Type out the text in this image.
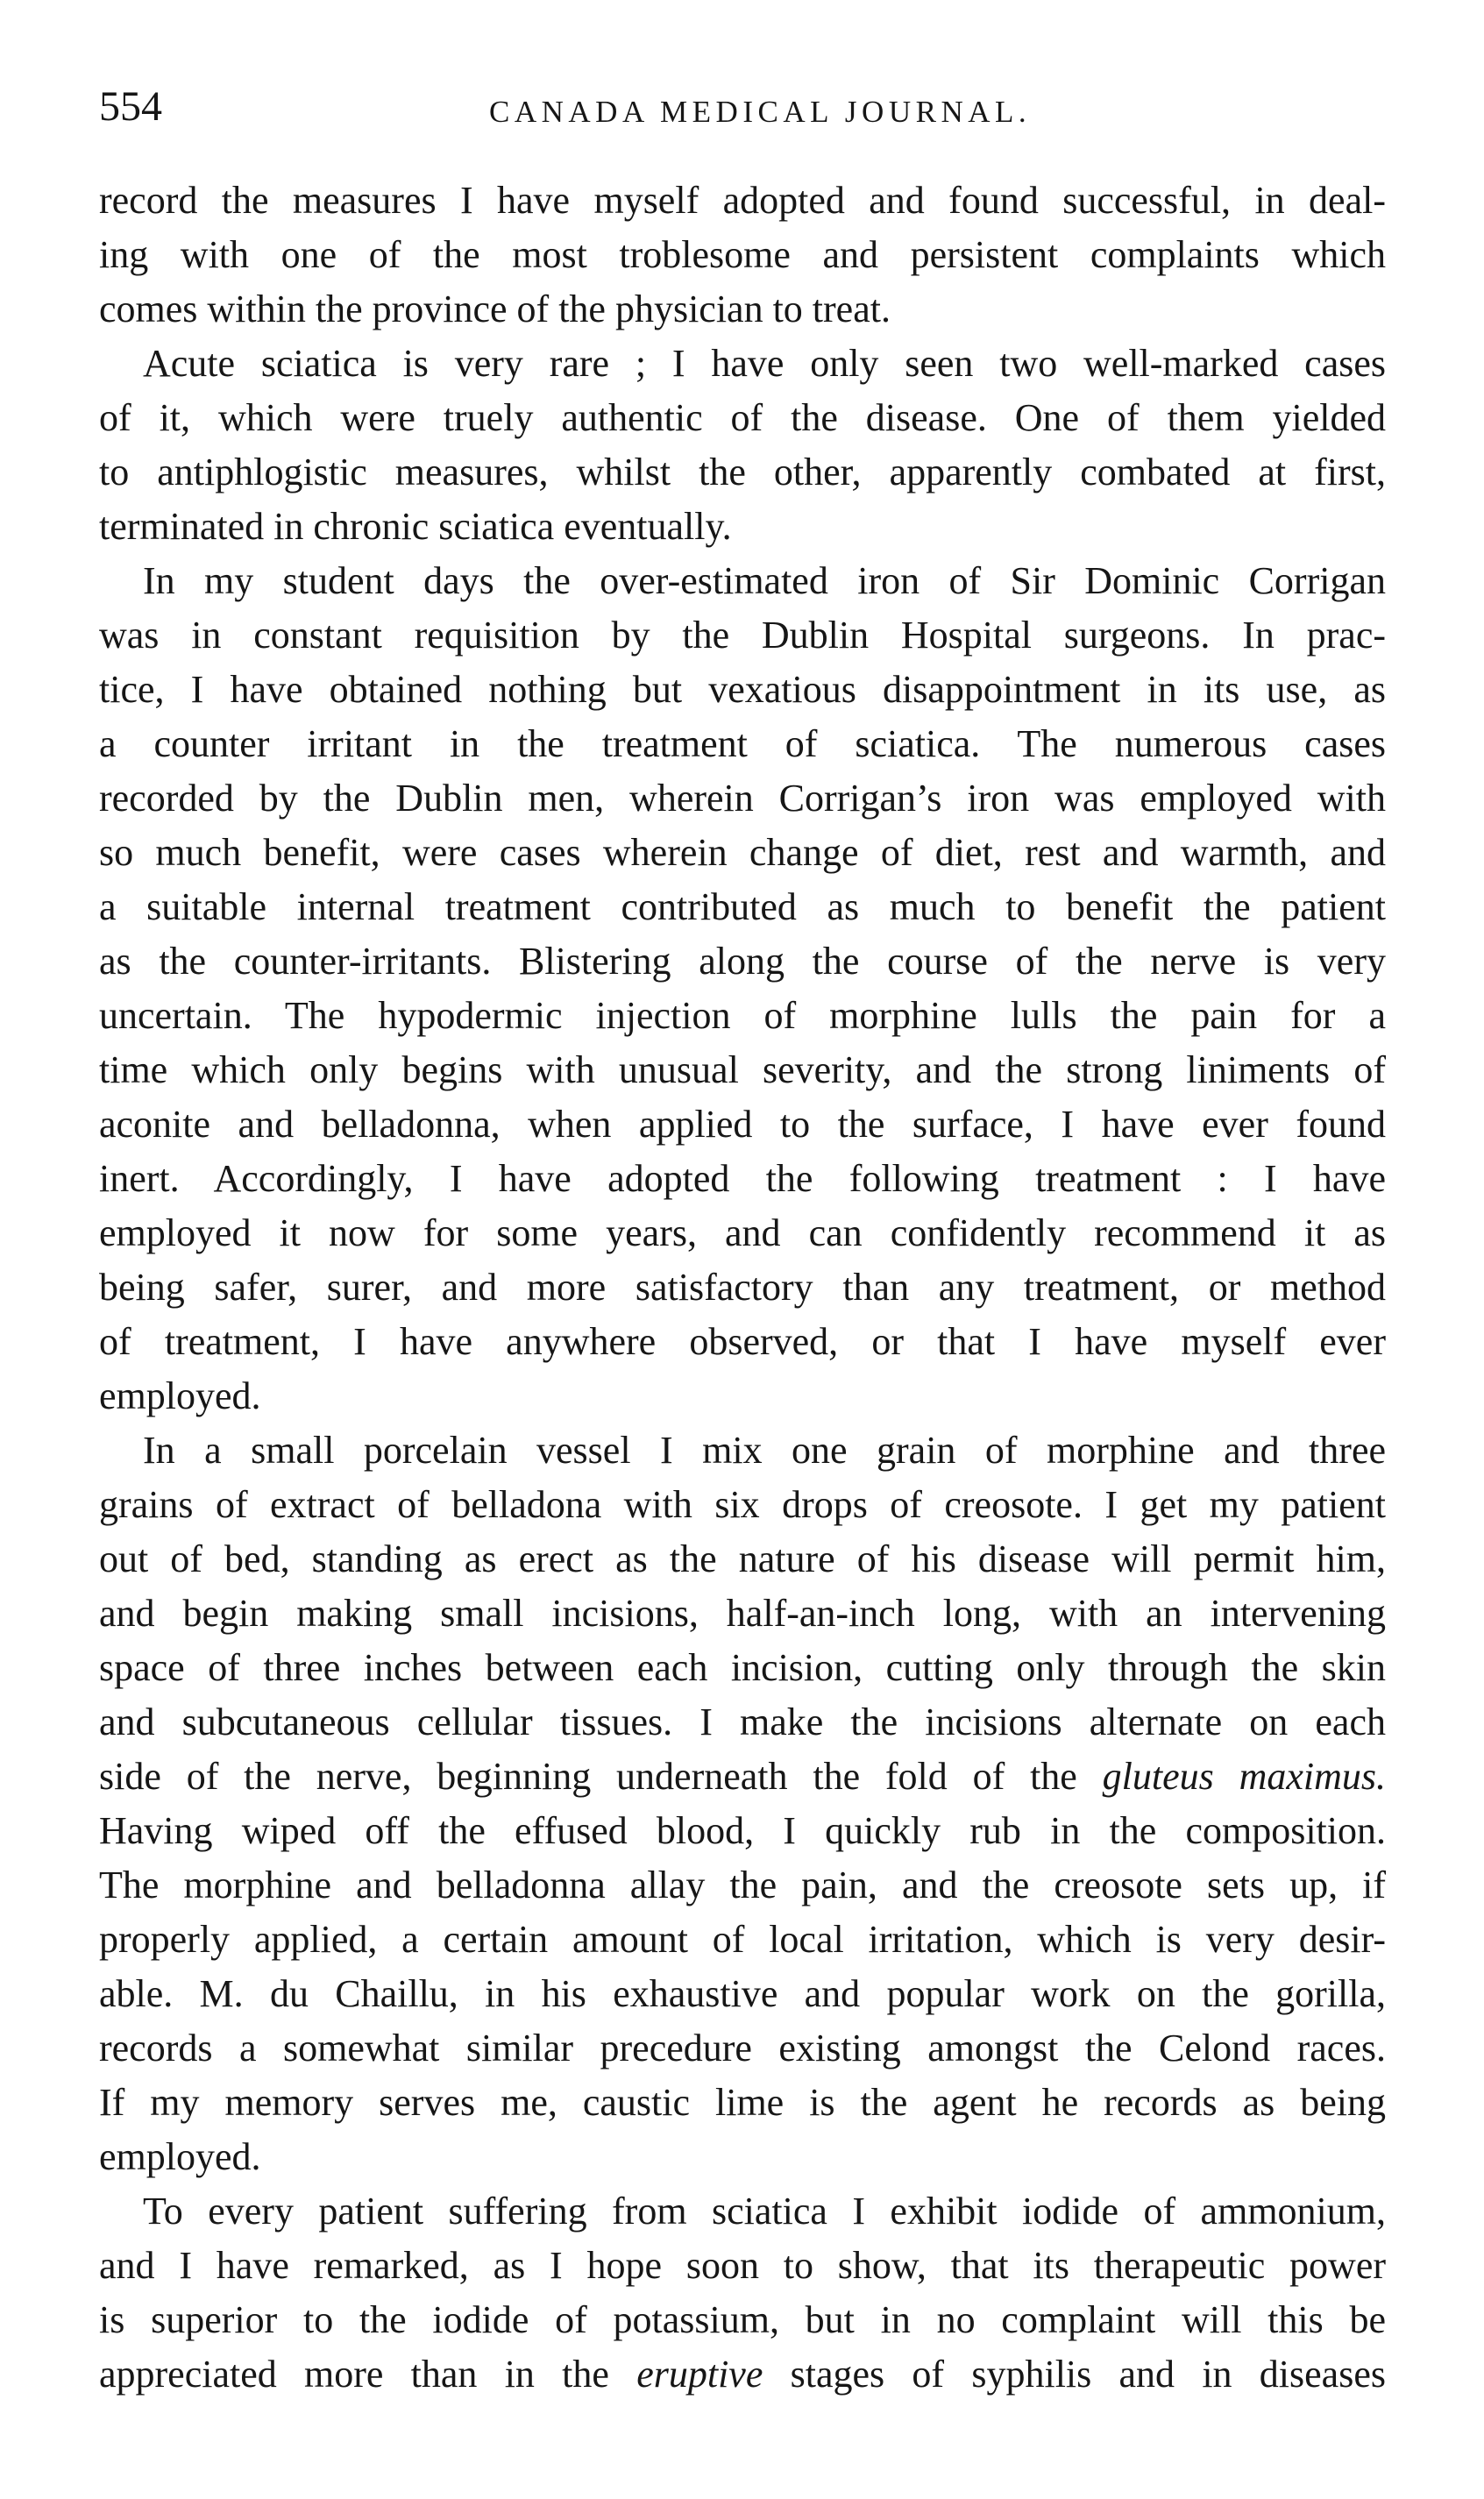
554	CANADA MEDICAL JOURNAL.
record the measures I have myself adopted and found successful, in deal-
ing with one of the most troblesome and persistent complaints which
comes within the province of the physician to treat.
Acute sciatica is very rare ; I have only seen two well-marked cases
of it, which were truely authentic of the disease. One of them yielded
to antiphlogistic measures, whilst the other, apparently combated at first,
terminated in chronic sciatica eventually.
In my student days the over-estimated iron of Sir Dominic Corrigan
was in constant requisition by the Dublin Hospital surgeons. In prac-
tice, I have obtained nothing but vexatious disappointment in its use, as
a counter irritant in the treatment of sciatica. The numerous cases
recorded by the Dublin men, wherein Corrigan’s iron was employed with
so much benefit, were cases wherein change of diet, rest and warmth, and
a suitable internal treatment contributed as much to benefit the patient
as the counter-irritants. Blistering along the course of the nerve is very
uncertain. The hypodermic injection of morphine lulls the pain for a
time which only begins with unusual severity, and the strong liniments of
aconite and belladonna, when applied to the surface, I have ever found
inert. Accordingly, I have adopted the following treatment : I have
employed it now for some years, and can confidently recommend it as
being safer, surer, and more satisfactory than any treatment, or method
of treatment, I have anywhere observed, or that I have myself ever
employed.
In a small porcelain vessel I mix one grain of morphine and three
grains of extract of belladona with six drops of creosote. I get my patient
out of bed, standing as erect as the nature of his disease will permit him,
and begin making small incisions, half-an-inch long, with an intervening
space of three inches between each incision, cutting only through the skin
and subcutaneous cellular tissues. I make the incisions alternate on each
side of the nerve, beginning underneath the fold of the gluteus maximus.
Having wiped off the effused blood, I quickly rub in the composition.
The morphine and belladonna allay the pain, and the creosote sets up, if
properly applied, a certain amount of local irritation, which is very desir-
able. M. du Chaillu, in his exhaustive and popular work on the gorilla,
records a somewhat similar precedure existing amongst the Celond races.
If my memory serves me, caustic lime is the agent he records as being
employed.
To every patient suffering from sciatica I exhibit iodide of ammonium,
and I have remarked, as I hope soon to show, that its therapeutic power
is superior to the iodide of potassium, but in no complaint will this be
appreciated more than in the eruptive stages of syphilis and in diseases
